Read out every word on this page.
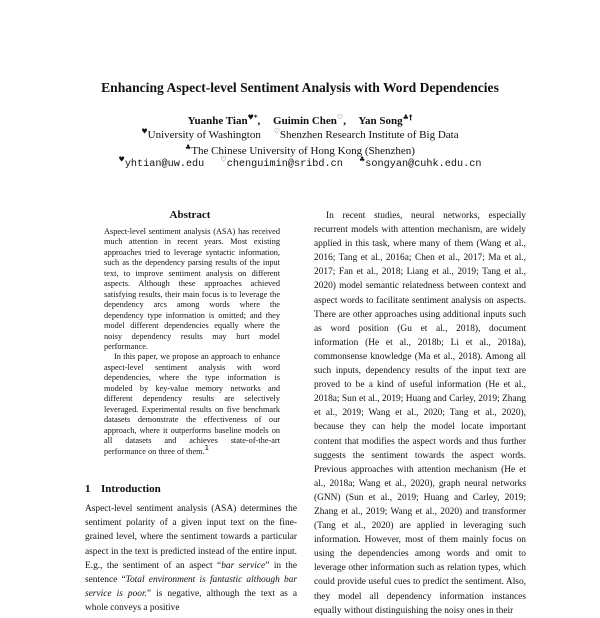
Enhancing Aspect-level Sentiment Analysis with Word Dependencies
Yuanhe Tian♥*, Guimin Chen♡, Yan Song♣†
♥University of Washington ♡Shenzhen Research Institute of Big Data
♣The Chinese University of Hong Kong (Shenzhen)
♥yhtian@uw.edu ♡chenguimin@sribd.cn ♣songyan@cuhk.edu.cn
Abstract

Aspect-level sentiment analysis (ASA) has received much attention in recent years. Most existing approaches tried to leverage syntactic information, such as the dependency parsing results of the input text, to improve sentiment analysis on different aspects. Although these approaches achieved satisfying results, their main focus is to leverage the dependency arcs among words where the dependency type information is omitted; and they model different dependencies equally where the noisy dependency results may hurt model performance.

In this paper, we propose an approach to enhance aspect-level sentiment analysis with word dependencies, where the type information is modeled by key-value memory networks and different dependency results are selectively leveraged. Experimental results on five benchmark datasets demonstrate the effectiveness of our approach, where it outperforms baseline models on all datasets and achieves state-of-the-art performance on three of them.$^1$

1 Introduction

Aspect-level sentiment analysis (ASA) determines the sentiment polarity of a given input text on the fine-grained level, where the sentiment towards a particular aspect in the text is predicted instead of the entire input. E.g., the sentiment of an aspect “bar service” in the sentence “Total environment is fantastic although bar service is poor.” is negative, although the text as a whole conveys a positive

In recent studies, neural networks, especially recurrent models with attention mechanism, are widely applied in this task, where many of them (Wang et al., 2016; Tang et al., 2016a; Chen et al., 2017; Ma et al., 2017; Fan et al., 2018; Liang et al., 2019; Tang et al., 2020) model semantic relatedness between context and aspect words to facilitate sentiment analysis on aspects. There are other approaches using additional inputs such as word position (Gu et al., 2018), document information (He et al., 2018b; Li et al., 2018a), commonsense knowledge (Ma et al., 2018). Among all such inputs, dependency results of the input text are proved to be a kind of useful information (He et al., 2018a; Sun et al., 2019; Huang and Carley, 2019; Zhang et al., 2019; Wang et al., 2020; Tang et al., 2020), because they can help the model locate important content that modifies the aspect words and thus further suggests the sentiment towards the aspect words. Previous approaches with attention mechanism (He et al., 2018a; Wang et al., 2020), graph neural networks (GNN) (Sun et al., 2019; Huang and Carley, 2019; Zhang et al., 2019; Wang et al., 2020) and transformer (Tang et al., 2020) are applied in leveraging such information. However, most of them mainly focus on using the dependencies among words and omit to leverage other information such as relation types, which could provide useful cues to predict the sentiment. Also, they model all dependency information instances equally without distinguishing the noisy ones in their
